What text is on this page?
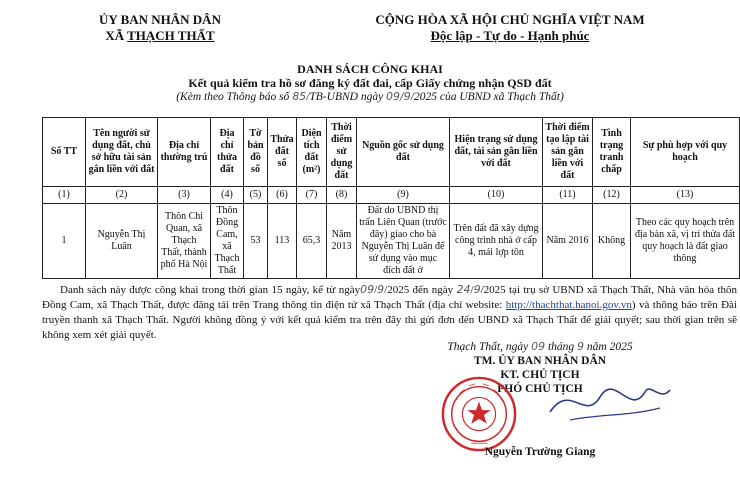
ỦY BAN NHÂN DÂN
XÃ THẠCH THẤT
CỘNG HÒA XÃ HỘI CHỦ NGHĨA VIỆT NAM
Độc lập - Tự do - Hạnh phúc
DANH SÁCH CÔNG KHAI
Kết quả kiểm tra hồ sơ đăng ký đất đai, cấp Giấy chứng nhận QSD đất
(Kèm theo Thông báo số 85/TB-UBND ngày 09/9/2025 của UBND xã Thạch Thất)
Số TT	Tên người sử dụng đất, chủ sở hữu tài sản gắn liền với đất	Địa chỉ thường trú	Địa chỉ thửa đất	Tờ bản đồ số	Thửa đất số	Diện tích đất (m²)	Thời điểm sử dụng đất	Nguồn gốc sử dụng đất	Hiện trạng sử dụng đất, tài sản gắn liền với đất	Thời điểm tạo lập tài sản gắn liền với đất	Tình trạng tranh chấp	Sự phù hợp với quy hoạch
(1)	(2)	(3)	(4)	(5)	(6)	(7)	(8)	(9)	(10)	(11)	(12)	(13)
1	Nguyễn Thị Luân	Thôn Chi Quan, xã Thạch Thất, thành phố Hà Nội	Thôn Đồng Cam, xã Thạch Thất	53	113	65,3	Năm 2013	Đất do UBND thị trấn Liên Quan (trước đây) giao cho bà Nguyễn Thị Luân để sử dụng vào mục đích đất ở	Trên đất đã xây dựng công trình nhà ở cấp 4, mái lợp tôn	Năm 2016	Không	Theo các quy hoạch trên địa bàn xã, vị trí thửa đất quy hoạch là đất giao thông
Danh sách này được công khai trong thời gian 15 ngày, kể từ ngày09/9/2025 đến ngày 24/9/2025 tại trụ sở UBND xã Thạch Thất, Nhà văn hóa thôn Đồng Cam, xã Thạch Thất, được đăng tải trên Trang thông tin điện tử xã Thạch Thất (địa chỉ website: http://thachthat.hanoi.gov.vn) và thông báo trên Đài truyền thanh xã Thạch Thất. Người không đồng ý với kết quả kiểm tra trên đây thì gửi đơn đến UBND xã Thạch Thất để giải quyết; sau thời gian trên sẽ không xem xét giải quyết.
Thạch Thất, ngày 09 tháng 9 năm 2025
TM. ỦY BAN NHÂN DÂN
KT. CHỦ TỊCH
PHÓ CHỦ TỊCH
Nguyễn Trường Giang
